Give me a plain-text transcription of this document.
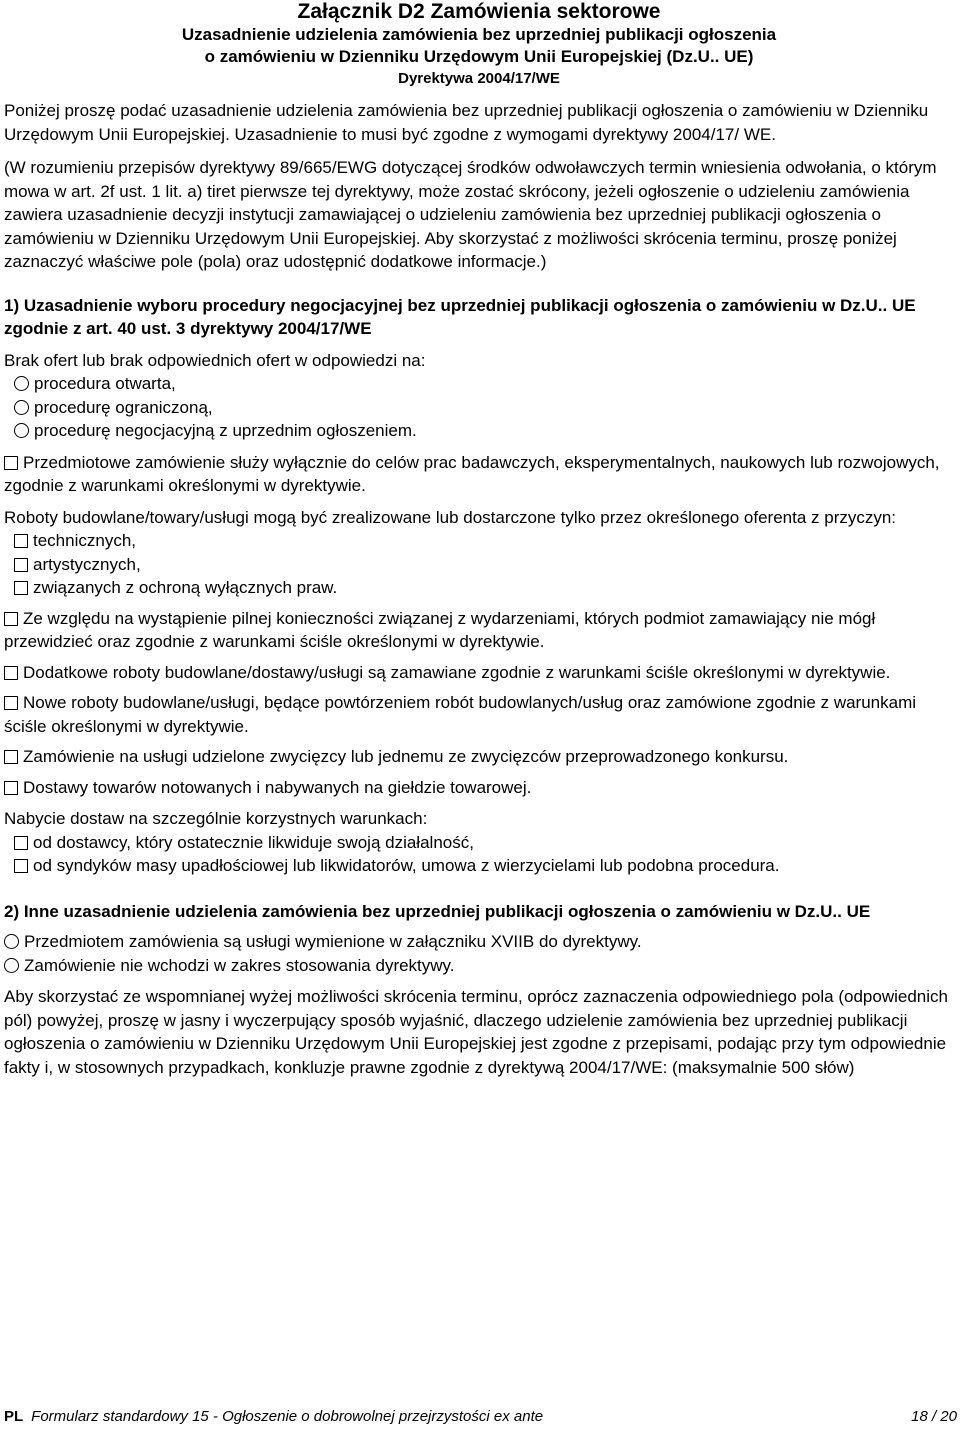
Załącznik D2 Zamówienia sektorowe
Uzasadnienie udzielenia zamówienia bez uprzedniej publikacji ogłoszenia
o zamówieniu w Dzienniku Urzędowym Unii Europejskiej (Dz.U.. UE)
Dyrektywa 2004/17/WE

Poniżej proszę podać uzasadnienie udzielenia zamówienia bez uprzedniej publikacji ogłoszenia o zamówieniu w Dzienniku Urzędowym Unii Europejskiej. Uzasadnienie to musi być zgodne z wymogami dyrektywy 2004/17/ WE.

(W rozumieniu przepisów dyrektywy 89/665/EWG dotyczącej środków odwoławczych termin wniesienia odwołania, o którym mowa w art. 2f ust. 1 lit. a) tiret pierwsze tej dyrektywy, może zostać skrócony, jeżeli ogłoszenie o udzieleniu zamówienia zawiera uzasadnienie decyzji instytucji zamawiającej o udzieleniu zamówienia bez uprzedniej publikacji ogłoszenia o zamówieniu w Dzienniku Urzędowym Unii Europejskiej. Aby skorzystać z możliwości skrócenia terminu, proszę poniżej zaznaczyć właściwe pole (pola) oraz udostępnić dodatkowe informacje.)

1) Uzasadnienie wyboru procedury negocjacyjnej bez uprzedniej publikacji ogłoszenia o zamówieniu w Dz.U.. UE zgodnie z art. 40 ust. 3 dyrektywy 2004/17/WE

Brak ofert lub brak odpowiednich ofert w odpowiedzi na:

procedura otwarta,
procedurę ograniczoną,
procedurę negocjacyjną z uprzednim ogłoszeniem.

Przedmiotowe zamówienie służy wyłącznie do celów prac badawczych, eksperymentalnych, naukowych lub rozwojowych, zgodnie z warunkami określonymi w dyrektywie.

Roboty budowlane/towary/usługi mogą być zrealizowane lub dostarczone tylko przez określonego oferenta z przyczyn:

technicznych,
artystycznych,
związanych z ochroną wyłącznych praw.

Ze względu na wystąpienie pilnej konieczności związanej z wydarzeniami, których podmiot zamawiający nie mógł przewidzieć oraz zgodnie z warunkami ściśle określonymi w dyrektywie.

Dodatkowe roboty budowlane/dostawy/usługi są zamawiane zgodnie z warunkami ściśle określonymi w dyrektywie.

Nowe roboty budowlane/usługi, będące powtórzeniem robót budowlanych/usług oraz zamówione zgodnie z warunkami ściśle określonymi w dyrektywie.

Zamówienie na usługi udzielone zwycięzcy lub jednemu ze zwycięzców przeprowadzonego konkursu.

Dostawy towarów notowanych i nabywanych na giełdzie towarowej.

Nabycie dostaw na szczególnie korzystnych warunkach:

od dostawcy, który ostatecznie likwiduje swoją działalność,
od syndyków masy upadłościowej lub likwidatorów, umowa z wierzycielami lub podobna procedura.

2) Inne uzasadnienie udzielenia zamówienia bez uprzedniej publikacji ogłoszenia o zamówieniu w Dz.U.. UE

Przedmiotem zamówienia są usługi wymienione w załączniku XVIIB do dyrektywy.
Zamówienie nie wchodzi w zakres stosowania dyrektywy.

Aby skorzystać ze wspomnianej wyżej możliwości skrócenia terminu, oprócz zaznaczenia odpowiedniego pola (odpowiednich pól) powyżej, proszę w jasny i wyczerpujący sposób wyjaśnić, dlaczego udzielenie zamówienia bez uprzedniej publikacji ogłoszenia o zamówieniu w Dzienniku Urzędowym Unii Europejskiej jest zgodne z przepisami, podając przy tym odpowiednie fakty i, w stosownych przypadkach, konkluzje prawne zgodnie z dyrektywą 2004/17/WE: (maksymalnie 500 słów)

PL Formularz standardowy 15 - Ogłoszenie o dobrowolnej przejrzystości ex ante	18 / 20
